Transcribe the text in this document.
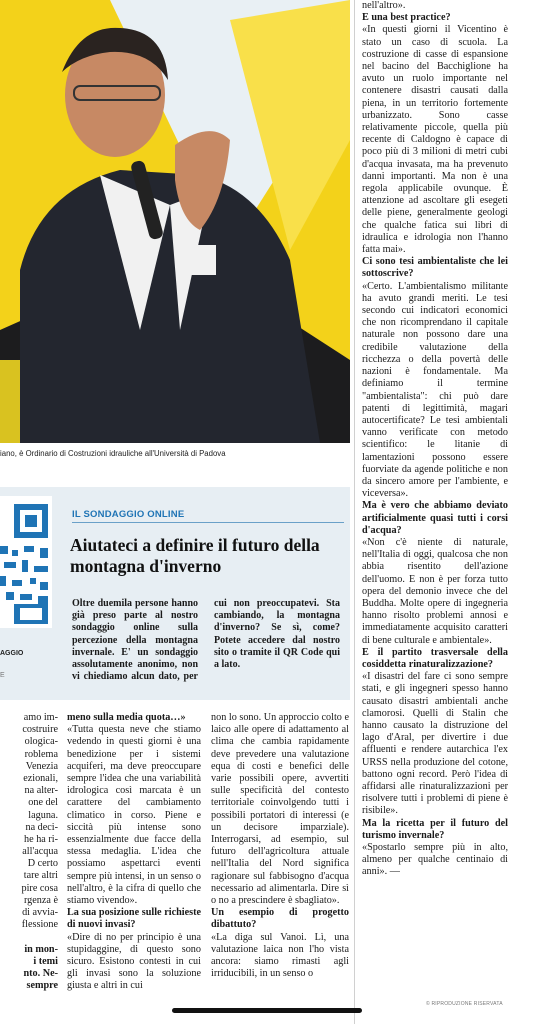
iano, è Ordinario di Costruzioni idrauliche all'Università di Padova
AGGIO
E
IL SONDAGGIO ONLINE
Aiutateci a definire il futuro della montagna d'inverno
Oltre duemila persone hanno già preso parte al nostro sondaggio online sulla percezione della montagna invernale. E' un sondaggio assolutamente anonimo, non vi chiediamo alcun dato, per cui non preoccupatevi. Sta cambiando, la montagna d'inverno? Se sì, come? Potete accedere dal nostro sito o tramite il QR Code qui a lato.
amo im-
costruire
ologica-
roblema
Venezia
ezionali,
na alter-
one del
laguna.
na deci-
he ha ri-
all'acqua
D certo
tare altri
pire cosa
rgenza è
di avvia-
flessione
in mon-
i temi
nto. Ne-
sempre

meno sulla media quota…»

«Tutta questa neve che stiamo vedendo in questi giorni è una benedizione per i sistemi acquiferi, ma deve preoccupare sempre l'idea che una variabilità idrologica così marcata è un carattere del cambiamento climatico in corso. Piene e siccità più intense sono essenzialmente due facce della stessa medaglia. L'idea che possiamo aspettarci eventi sempre più intensi, in un senso o nell'altro, è la cifra di quello che stiamo vivendo».

La sua posizione sulle richieste di nuovi invasi?

«Dire di no per principio è una stupidaggine, di questo sono sicuro. Esistono contesti in cui gli invasi sono la soluzione giusta e altri in cui

non lo sono. Un approccio colto e laico alle opere di adattamento al clima che cambia rapidamente deve prevedere una valutazione equa di costi e benefici delle varie possibili opere, avvertiti sulle specificità del contesto territoriale coinvolgendo tutti i possibili portatori di interessi (e un decisore imparziale). Interrogarsi, ad esempio, sul futuro dell'agricoltura attuale nell'Italia del Nord significa ragionare sul fabbisogno d'acqua necessario ad alimentarla. Dire sì o no a prescindere è sbagliato».

Un esempio di progetto dibattuto?

«La diga sul Vanoi. Lì, una valutazione laica non l'ho vista ancora: siamo rimasti agli irriducibili, in un senso o

nell'altro».

E una best practice?

«In questi giorni il Vicentino è stato un caso di scuola. La costruzione di casse di espansione nel bacino del Bacchiglione ha avuto un ruolo importante nel contenere disastri causati dalla piena, in un territorio fortemente urbanizzato. Sono casse relativamente piccole, quella più recente di Caldogno è capace di poco più di 3 milioni di metri cubi d'acqua invasata, ma ha prevenuto danni importanti. Ma non è una regola applicabile ovunque. È attenzione ad ascoltare gli esegeti delle piene, generalmente geologi che qualche fatica sui libri di idraulica e idrologia non l'hanno fatta mai».

Ci sono tesi ambientaliste che lei sottoscrive?

«Certo. L'ambientalismo militante ha avuto grandi meriti. Le tesi secondo cui indicatori economici che non ricomprendano il capitale naturale non possono dare una credibile valutazione della ricchezza o della povertà delle nazioni è fondamentale. Ma definiamo il termine "ambientalista": chi può dare patenti di legittimità, magari autocertificate? Le tesi ambientali vanno verificate con metodo scientifico: le litanie di lamentazioni possono essere fuorviate da agende politiche e non da sincero amore per l'ambiente, e viceversa».

Ma è vero che abbiamo deviato artificialmente quasi tutti i corsi d'acqua?

«Non c'è niente di naturale, nell'Italia di oggi, qualcosa che non abbia risentito dell'azione dell'uomo. E non è per forza tutto opera del demonio invece che del Buddha. Molte opere di ingegneria hanno risolto problemi annosi e immediatamente acquisito caratteri di bene culturale e ambientale».

E il partito trasversale della cosiddetta rinaturalizzazione?

«I disastri del fare ci sono sempre stati, e gli ingegneri spesso hanno causato disastri ambientali anche clamorosi. Quelli di Stalin che hanno causato la distruzione del lago d'Aral, per divertire i due affluenti e rendere autarchica l'ex URSS nella produzione del cotone, battono ogni record. Però l'idea di affidarsi alle rinaturalizzazioni per risolvere tutti i problemi di piene è risibile».

Ma la ricetta per il futuro del turismo invernale?

«Spostarlo sempre più in alto, almeno per qualche centinaio di anni». —

© RIPRODUZIONE RISERVATA
